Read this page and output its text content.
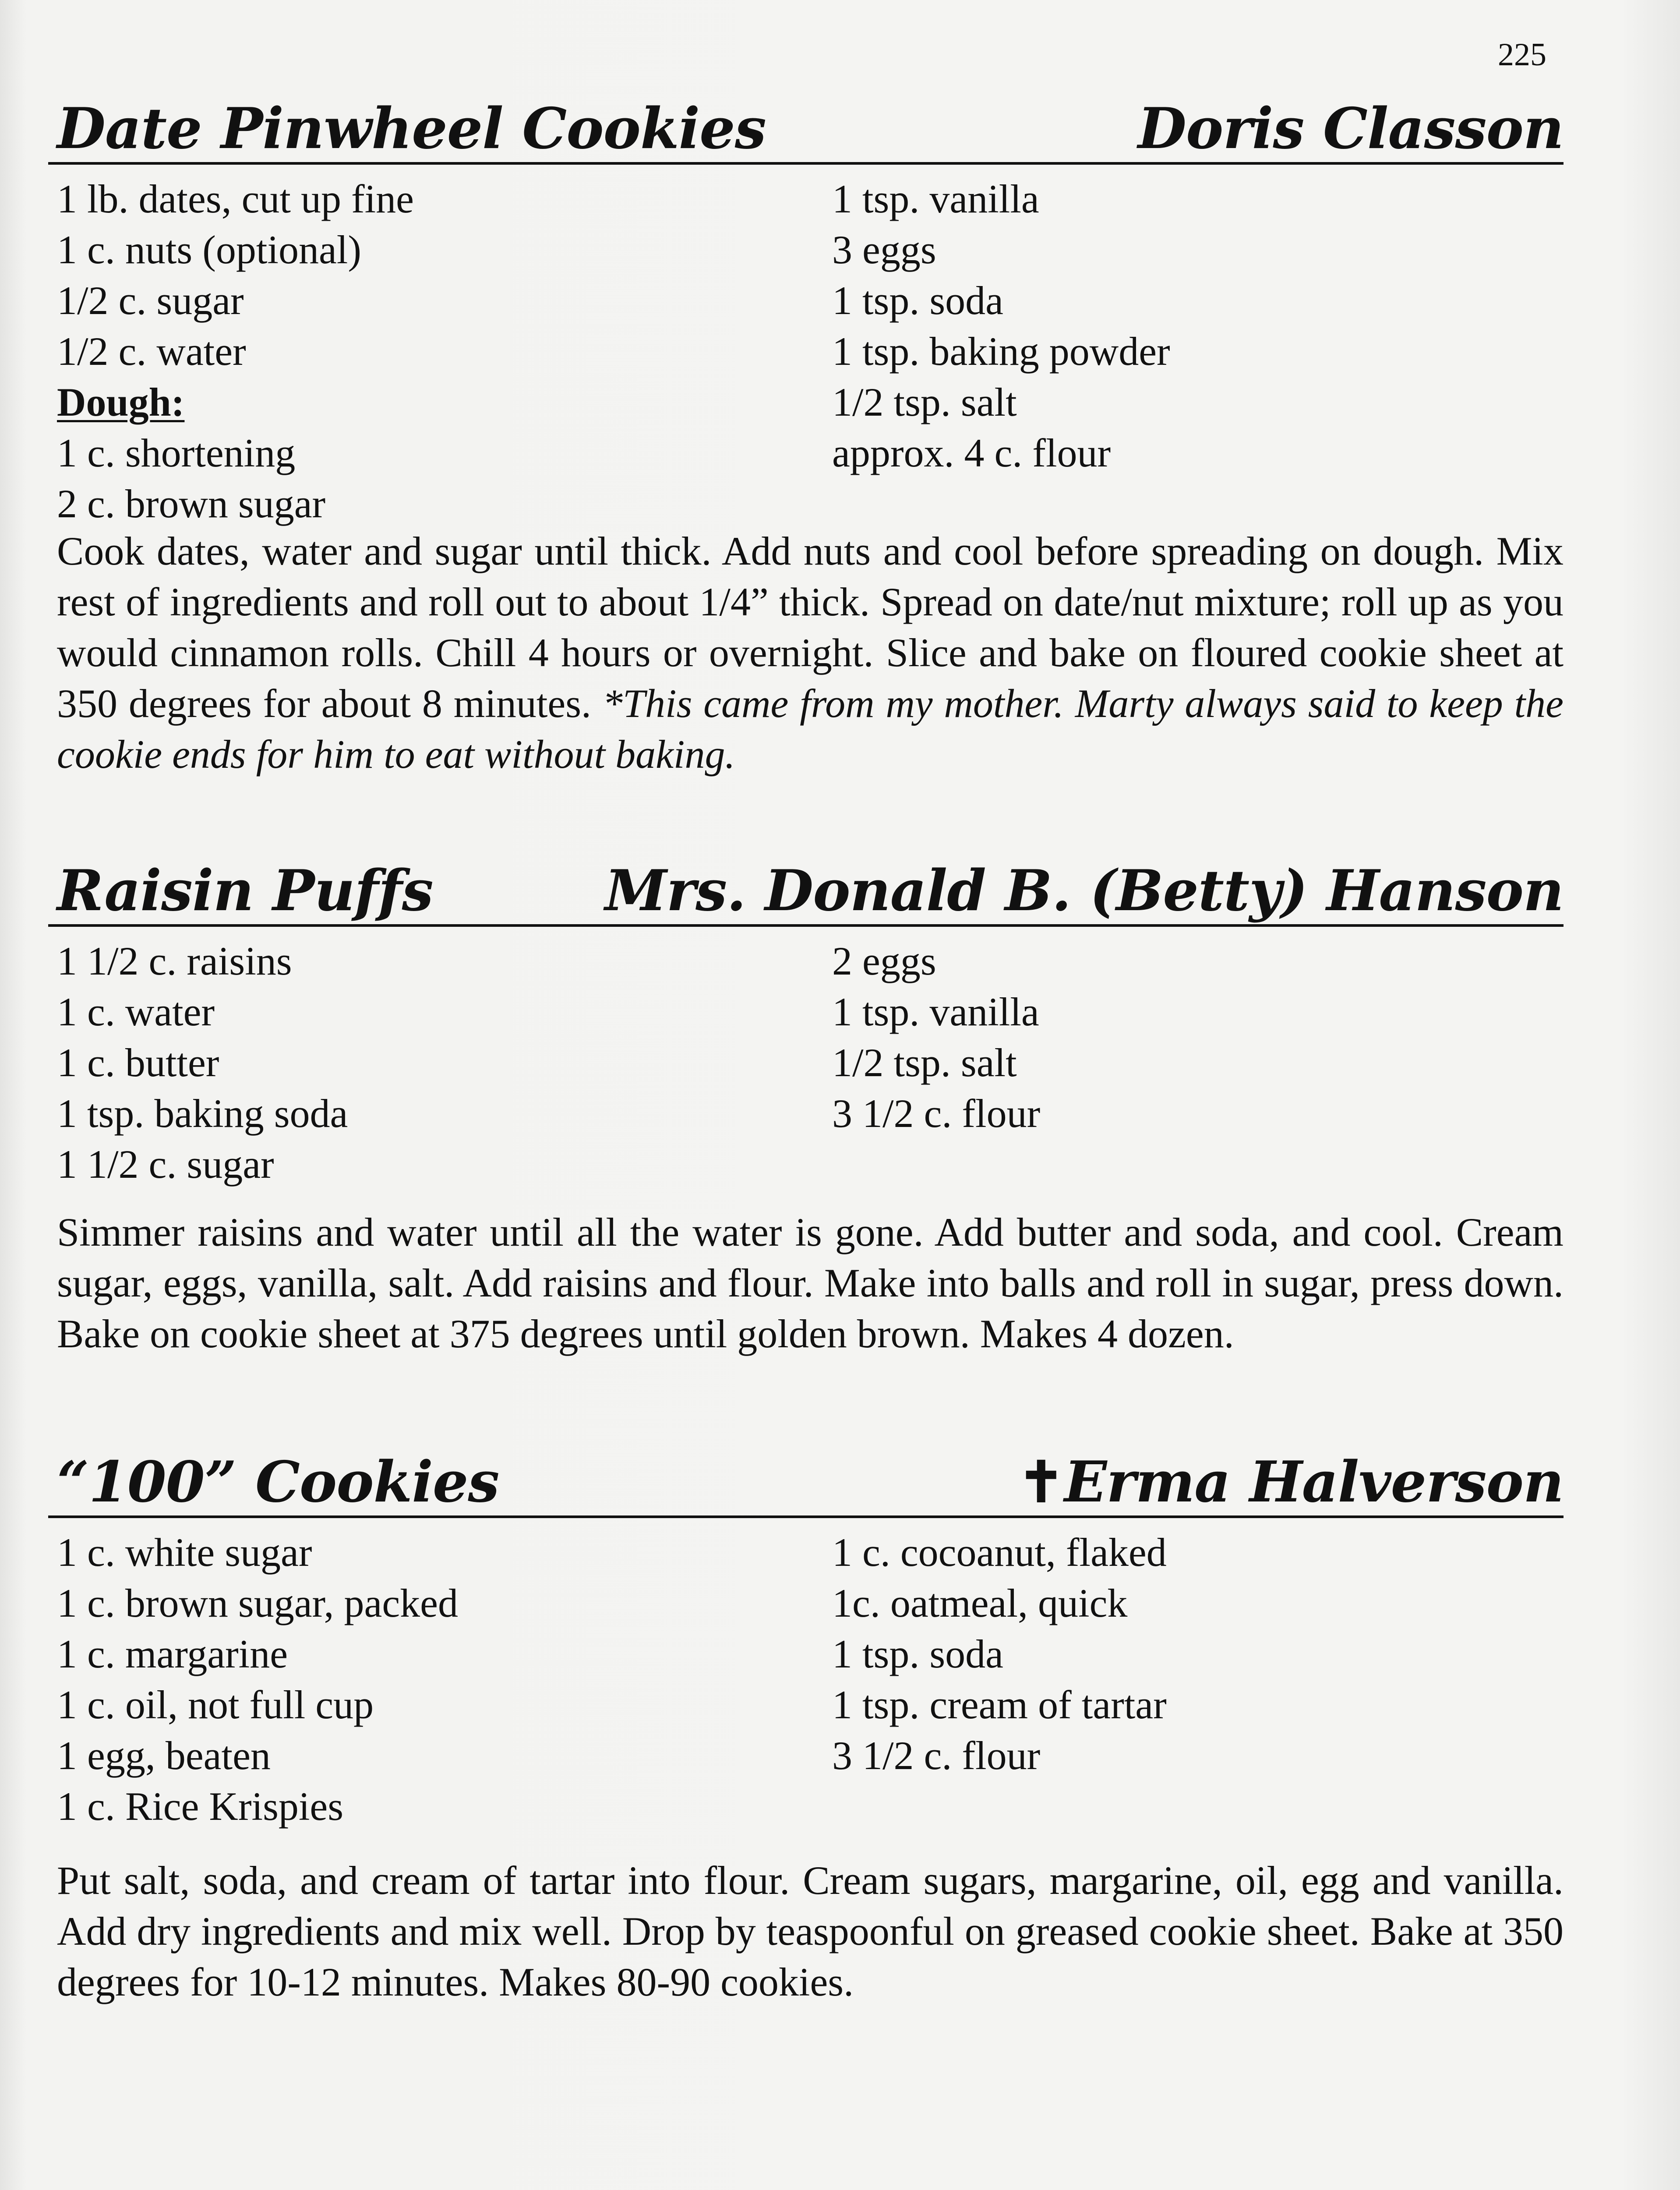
225
Date Pinwheel Cookies	Doris Classon
1 lb. dates, cut up fine
1 c. nuts (optional)
1/2 c. sugar
1/2 c. water
Dough:
1 c. shortening
2 c. brown sugar
1 tsp. vanilla
3 eggs
1 tsp. soda
1 tsp. baking powder
1/2 tsp. salt
approx. 4 c. flour

Cook dates, water and sugar until thick. Add nuts and cool before spreading on dough. Mix rest of ingredients and roll out to about 1/4” thick. Spread on date/nut mixture; roll up as you would cinnamon rolls. Chill 4 hours or overnight. Slice and bake on floured cookie sheet at 350 degrees for about 8 minutes. *This came from my mother. Marty always said to keep the cookie ends for him to eat without baking.

Raisin Puffs	Mrs. Donald B. (Betty) Hanson
1 1/2 c. raisins
1 c. water
1 c. butter
1 tsp. baking soda
1 1/2 c. sugar
2 eggs
1 tsp. vanilla
1/2 tsp. salt
3 1/2 c. flour

Simmer raisins and water until all the water is gone. Add butter and soda, and cool. Cream sugar, eggs, vanilla, salt. Add raisins and flour. Make into balls and roll in sugar, press down. Bake on cookie sheet at 375 degrees until golden brown. Makes 4 dozen.

“100” Cookies	✝Erma Halverson
1 c. white sugar
1 c. brown sugar, packed
1 c. margarine
1 c. oil, not full cup
1 egg, beaten
1 c. Rice Krispies
1 c. cocoanut, flaked
1c. oatmeal, quick
1 tsp. soda
1 tsp. cream of tartar
3 1/2 c. flour

Put salt, soda, and cream of tartar into flour. Cream sugars, margarine, oil, egg and vanilla. Add dry ingredients and mix well. Drop by teaspoonful on greased cookie sheet. Bake at 350 degrees for 10-12 minutes. Makes 80-90 cookies.
